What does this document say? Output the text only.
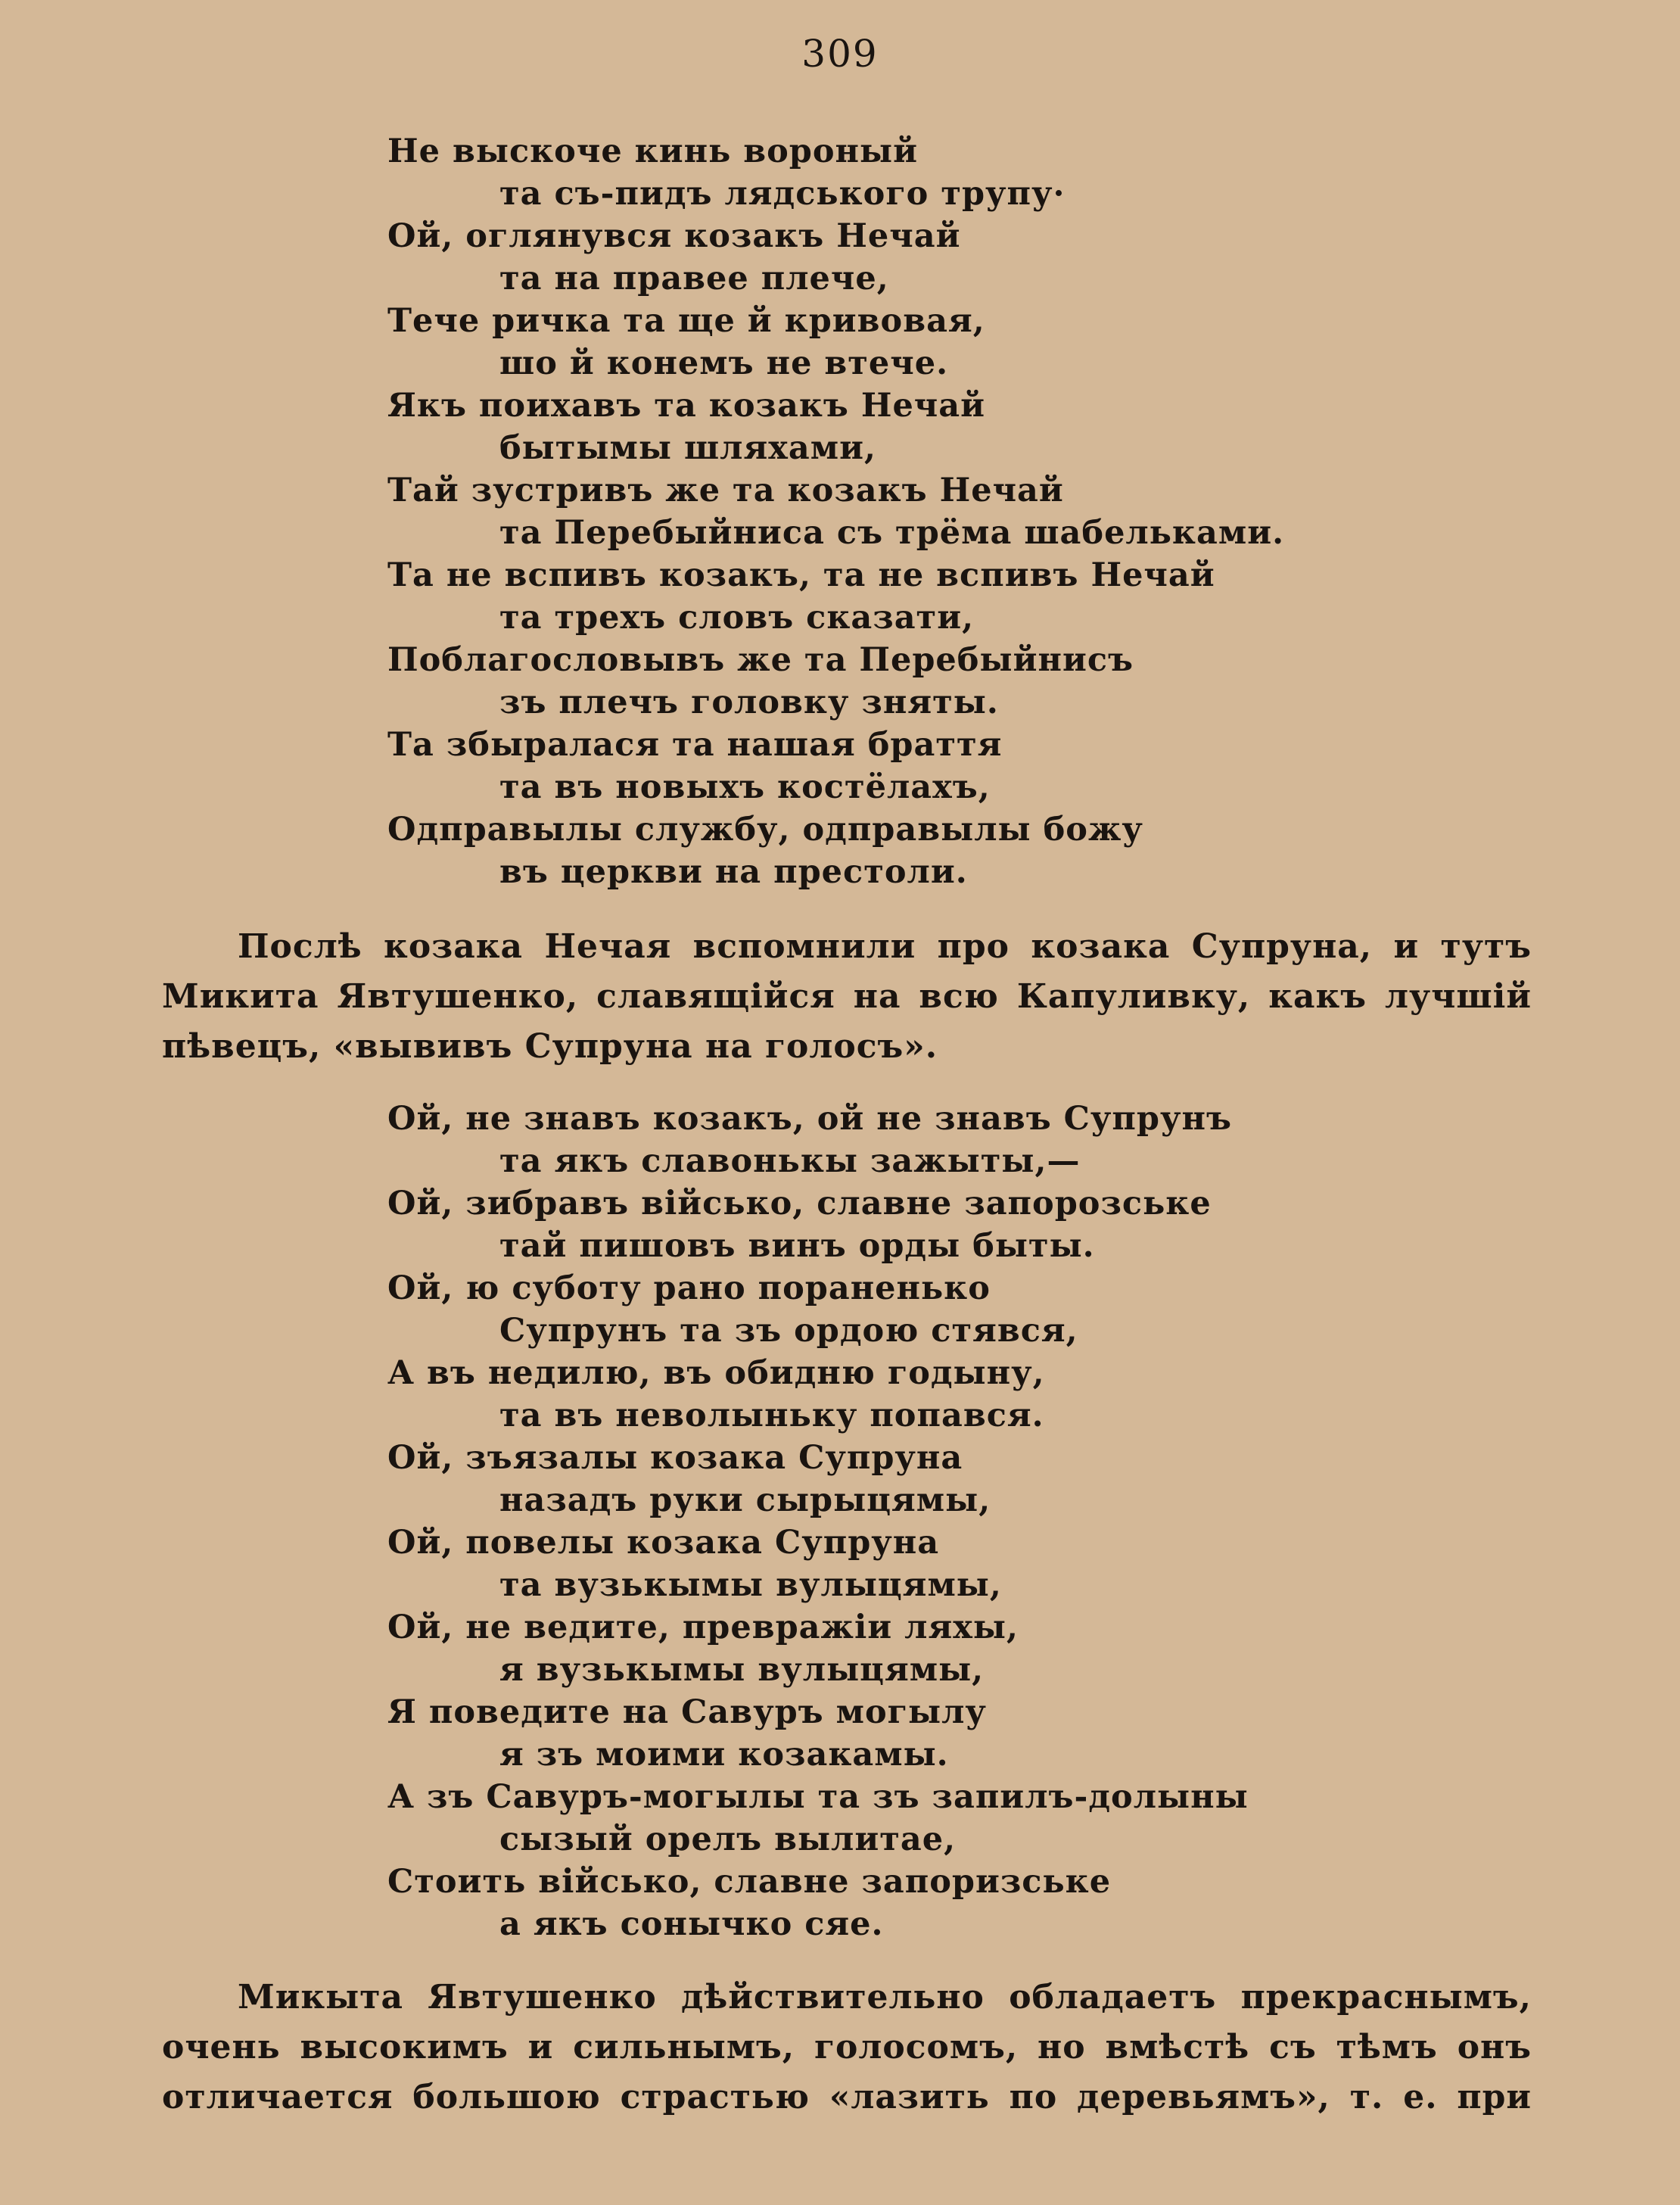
309
Не выскоче кинь вороный
та съ-пидъ лядського трупу·
Ой, оглянувся козакъ Нечай
та на правее плече,
Тече ричка та ще й кривовая,
шо й конемъ не втече.
Якъ поихавъ та козакъ Нечай
бытымы шляхами,
Тай зустривъ же та козакъ Нечай
та Перебыйниса съ трёма шабельками.
Та не вспивъ козакъ, та не вспивъ Нечай
та трехъ словъ сказати,
Поблагословывъ же та Перебыйнисъ
зъ плечъ головку зняты.
Та збыралася та нашая браття
та въ новыхъ костёлахъ,
Одправылы службу, одправылы божу
въ церкви на престоли.
Послѣ козака Нечая вспомнили про козака Супруна, и тутъ
Микита Явтушенко, славящійся на всю Капуливку, какъ лучшій
пѣвецъ, «вывивъ Супруна на голосъ».
Ой, не знавъ козакъ, ой не знавъ Супрунъ
та якъ славонькы зажыты,—
Ой, зибравъ військо, славне запорозське
тай пишовъ винъ орды быты.
Ой, ю суботу рано пораненько
Супрунъ та зъ ордою стявся,
А въ недилю, въ обидню годыну,
та въ неволыньку попався.
Ой, зъязалы козака Супруна
назадъ руки сырыцямы,
Ой, повелы козака Супруна
та вузькымы вулыцямы,
Ой, не ведите, превражіи ляхы,
я вузькымы вулыцямы,
Я поведите на Савуръ могылу
я зъ моими козакамы.
А зъ Савуръ-могылы та зъ запилъ-долыны
сызый орелъ вылитае,
Стоить військо, славне запоризське
а якъ сонычко сяе.
Микыта Явтушенко дѣйствительно обладаетъ прекраснымъ,
очень высокимъ и сильнымъ, голосомъ, но вмѣстѣ съ тѣмъ онъ
отличается большою страстью «лазить по деревьямъ», т. е. при
